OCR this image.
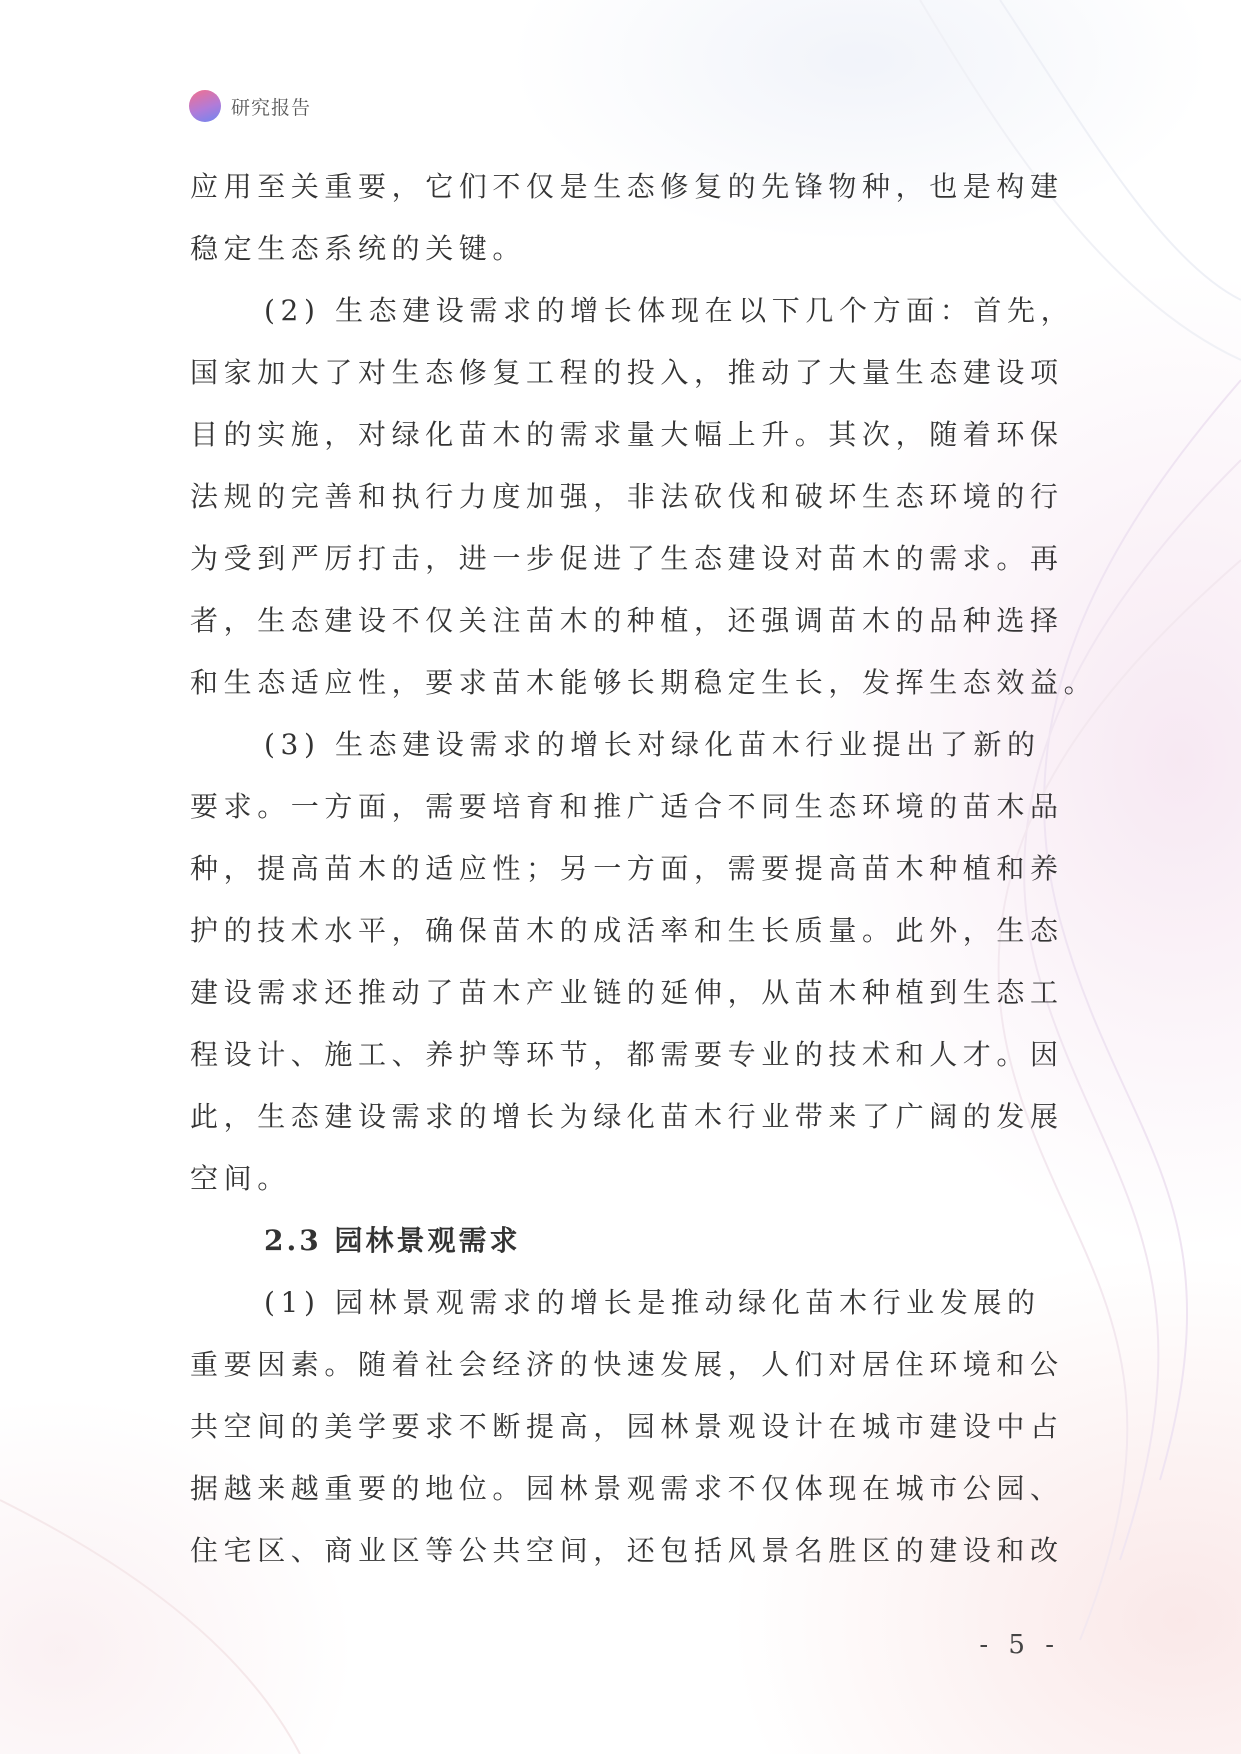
研究报告

应用至关重要，它们不仅是生态修复的先锋物种，也是构建
稳定生态系统的关键。

(2) 生态建设需求的增长体现在以下几个方面：首先，
国家加大了对生态修复工程的投入，推动了大量生态建设项
目的实施，对绿化苗木的需求量大幅上升。其次，随着环保
法规的完善和执行力度加强，非法砍伐和破坏生态环境的行
为受到严厉打击，进一步促进了生态建设对苗木的需求。再
者，生态建设不仅关注苗木的种植，还强调苗木的品种选择
和生态适应性，要求苗木能够长期稳定生长，发挥生态效益。

(3) 生态建设需求的增长对绿化苗木行业提出了新的
要求。一方面，需要培育和推广适合不同生态环境的苗木品
种，提高苗木的适应性；另一方面，需要提高苗木种植和养
护的技术水平，确保苗木的成活率和生长质量。此外，生态
建设需求还推动了苗木产业链的延伸，从苗木种植到生态工
程设计、施工、养护等环节，都需要专业的技术和人才。因
此，生态建设需求的增长为绿化苗木行业带来了广阔的发展
空间。

2.3 园林景观需求

(1) 园林景观需求的增长是推动绿化苗木行业发展的
重要因素。随着社会经济的快速发展，人们对居住环境和公
共空间的美学要求不断提高，园林景观设计在城市建设中占
据越来越重要的地位。园林景观需求不仅体现在城市公园、
住宅区、商业区等公共空间，还包括风景名胜区的建设和改

- 5 -
